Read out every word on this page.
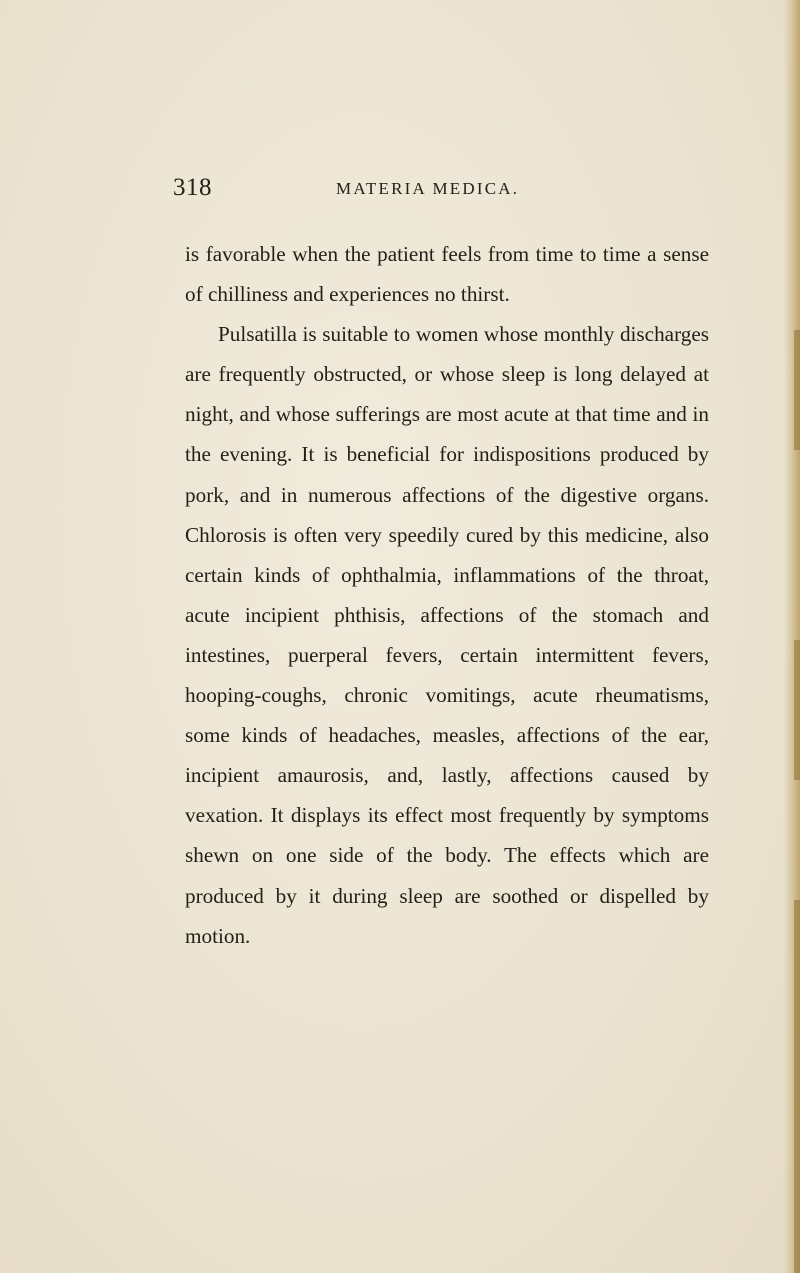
318	MATERIA MEDICA.

is favorable when the patient feels from time to time a sense of chilliness and experiences no thirst.

Pulsatilla is suitable to women whose monthly discharges are frequently obstructed, or whose sleep is long delayed at night, and whose sufferings are most acute at that time and in the evening. It is beneficial for indispositions produced by pork, and in numerous affections of the digestive organs. Chlorosis is often very speedily cured by this medicine, also certain kinds of ophthalmia, inflammations of the throat, acute incipient phthisis, affections of the stomach and intestines, puerperal fevers, certain intermittent fevers, hooping-coughs, chronic vomitings, acute rheumatisms, some kinds of headaches, measles, affections of the ear, incipient amaurosis, and, lastly, affections caused by vexation. It displays its effect most frequently by symptoms shewn on one side of the body. The effects which are produced by it during sleep are soothed or dispelled by motion.
